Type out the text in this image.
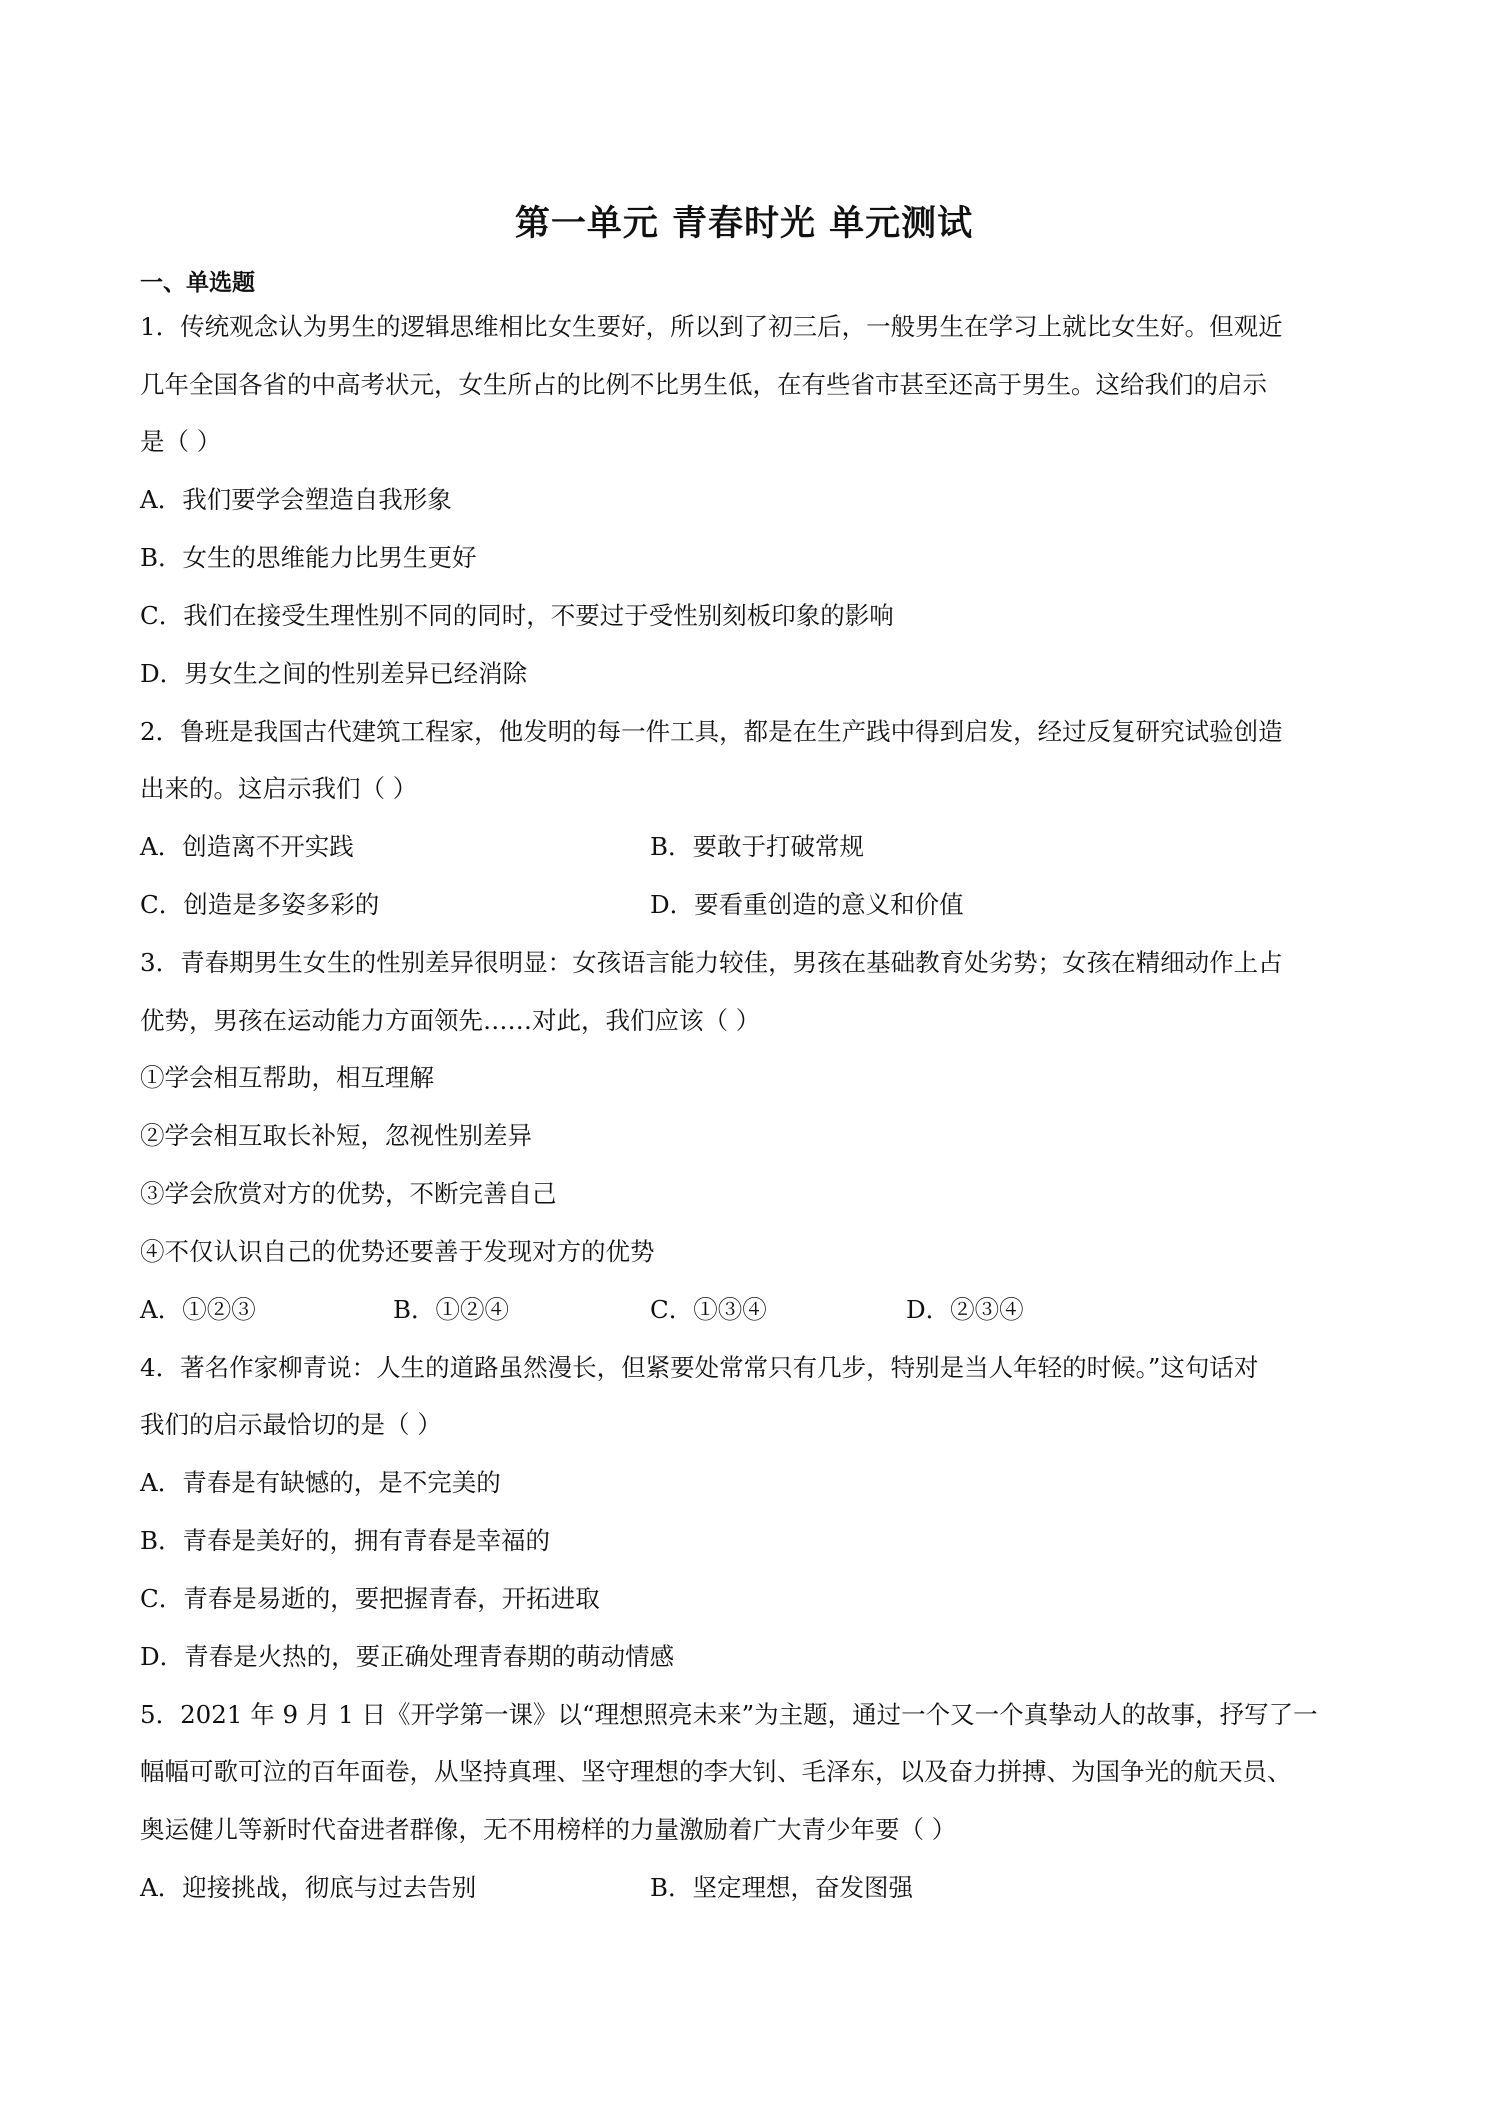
第一单元 青春时光 单元测试
一、单选题
1．传统观念认为男生的逻辑思维相比女生要好，所以到了初三后，一般男生在学习上就比女生好。但观近
几年全国各省的中高考状元，女生所占的比例不比男生低，在有些省市甚至还高于男生。这给我们的启示
是（ ）
A．我们要学会塑造自我形象
B．女生的思维能力比男生更好
C．我们在接受生理性别不同的同时，不要过于受性别刻板印象的影响
D．男女生之间的性别差异已经消除
2．鲁班是我国古代建筑工程家，他发明的每一件工具，都是在生产践中得到启发，经过反复研究试验创造
出来的。这启示我们（ ）
A．创造离不开实践	B．要敢于打破常规
C．创造是多姿多彩的	D．要看重创造的意义和价值
3．青春期男生女生的性别差异很明显：女孩语言能力较佳，男孩在基础教育处劣势；女孩在精细动作上占
优势，男孩在运动能力方面领先……对此，我们应该（ ）
①学会相互帮助，相互理解
②学会相互取长补短，忽视性别差异
③学会欣赏对方的优势，不断完善自己
④不仅认识自己的优势还要善于发现对方的优势
A．①②③	B．①②④	C．①③④	D．②③④
4．著名作家柳青说：人生的道路虽然漫长，但紧要处常常只有几步，特别是当人年轻的时候。”这句话对
我们的启示最恰切的是（ ）
A．青春是有缺憾的，是不完美的
B．青春是美好的，拥有青春是幸福的
C．青春是易逝的，要把握青春，开拓进取
D．青春是火热的，要正确处理青春期的萌动情感
5．2021 年 9 月 1 日《开学第一课》以“理想照亮未来”为主题，通过一个又一个真挚动人的故事，抒写了一
幅幅可歌可泣的百年面卷，从坚持真理、坚守理想的李大钊、毛泽东，以及奋力拼搏、为国争光的航天员、
奥运健儿等新时代奋进者群像，无不用榜样的力量激励着广大青少年要（ ）
A．迎接挑战，彻底与过去告别	B．坚定理想，奋发图强
